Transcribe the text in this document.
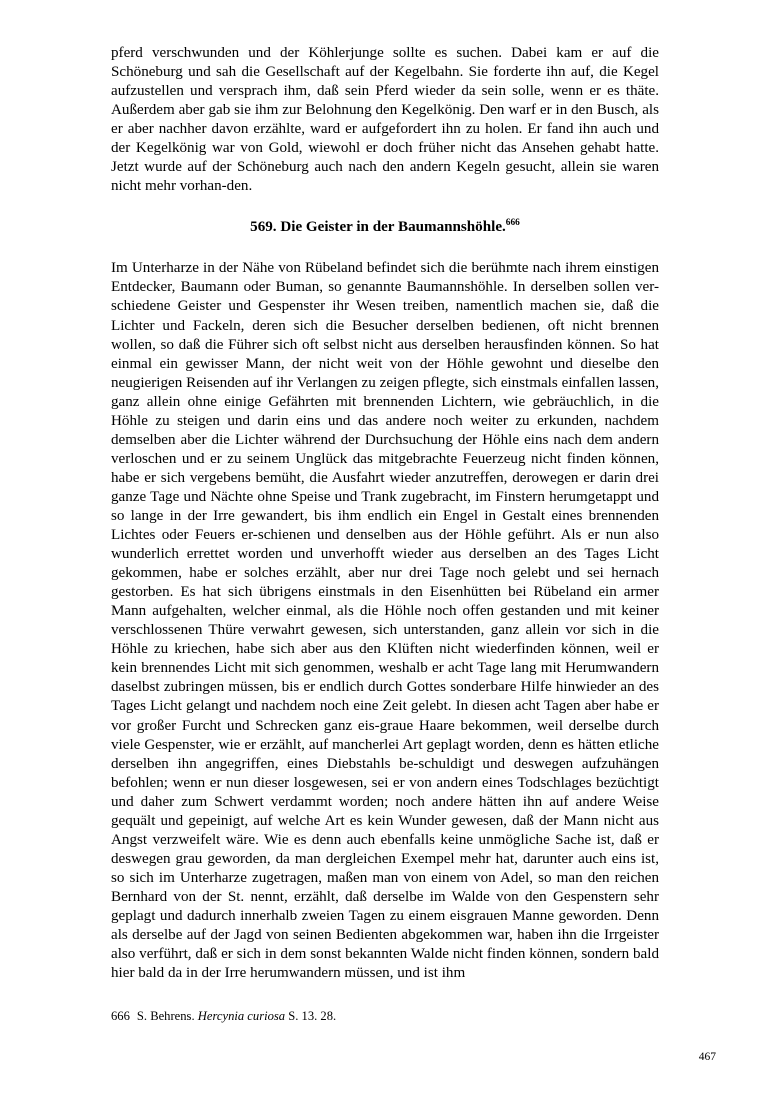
pferd verschwunden und der Köhlerjunge sollte es suchen. Dabei kam er auf die Schöneburg und sah die Gesellschaft auf der Kegelbahn. Sie forderte ihn auf, die Kegel aufzustellen und versprach ihm, daß sein Pferd wieder da sein solle, wenn er es thäte. Außerdem aber gab sie ihm zur Belohnung den Kegelkönig. Den warf er in den Busch, als er aber nachher davon erzählte, ward er aufgefordert ihn zu holen. Er fand ihn auch und der Kegelkönig war von Gold, wiewohl er doch früher nicht das Ansehen gehabt hatte. Jetzt wurde auf der Schöneburg auch nach den andern Kegeln gesucht, allein sie waren nicht mehr vorhan-den.

569. Die Geister in der Baumannshöhle.$^{666}$

Im Unterharze in der Nähe von Rübeland befindet sich die berühmte nach ihrem einstigen Entdecker, Baumann oder Buman, so genannte Baumannshöhle. In derselben sollen ver-schiedene Geister und Gespenster ihr Wesen treiben, namentlich machen sie, daß die Lichter und Fackeln, deren sich die Besucher derselben bedienen, oft nicht brennen wollen, so daß die Führer sich oft selbst nicht aus derselben herausfinden können. So hat einmal ein gewisser Mann, der nicht weit von der Höhle gewohnt und dieselbe den neugierigen Reisenden auf ihr Verlangen zu zeigen pflegte, sich einstmals einfallen lassen, ganz allein ohne einige Gefährten mit brennenden Lichtern, wie gebräuchlich, in die Höhle zu steigen und darin eins und das andere noch weiter zu erkunden, nachdem demselben aber die Lichter während der Durchsuchung der Höhle eins nach dem andern verloschen und er zu seinem Unglück das mitgebrachte Feuerzeug nicht finden können, habe er sich vergebens bemüht, die Ausfahrt wieder anzutreffen, derowegen er darin drei ganze Tage und Nächte ohne Speise und Trank zugebracht, im Finstern herumgetappt und so lange in der Irre gewandert, bis ihm endlich ein Engel in Gestalt eines brennenden Lichtes oder Feuers er-schienen und denselben aus der Höhle geführt. Als er nun also wunderlich errettet worden und unverhofft wieder aus derselben an des Tages Licht gekommen, habe er solches erzählt, aber nur drei Tage noch gelebt und sei hernach gestorben. Es hat sich übrigens einstmals in den Eisenhütten bei Rübeland ein armer Mann aufgehalten, welcher einmal, als die Höhle noch offen gestanden und mit keiner verschlossenen Thüre verwahrt gewesen, sich unterstanden, ganz allein vor sich in die Höhle zu kriechen, habe sich aber aus den Klüften nicht wiederfinden können, weil er kein brennendes Licht mit sich genommen, weshalb er acht Tage lang mit Herumwandern daselbst zubringen müssen, bis er endlich durch Gottes sonderbare Hilfe hinwieder an des Tages Licht gelangt und nachdem noch eine Zeit gelebt. In diesen acht Tagen aber habe er vor großer Furcht und Schrecken ganz eis-graue Haare bekommen, weil derselbe durch viele Gespenster, wie er erzählt, auf mancherlei Art geplagt worden, denn es hätten etliche derselben ihn angegriffen, eines Diebstahls be-schuldigt und deswegen aufzuhängen befohlen; wenn er nun dieser losgewesen, sei er von andern eines Todschlages bezüchtigt und daher zum Schwert verdammt worden; noch andere hätten ihn auf andere Weise gequält und gepeinigt, auf welche Art es kein Wunder gewesen, daß der Mann nicht aus Angst verzweifelt wäre. Wie es denn auch ebenfalls keine unmögliche Sache ist, daß er deswegen grau geworden, da man dergleichen Exempel mehr hat, darunter auch eins ist, so sich im Unterharze zugetragen, maßen man von einem von Adel, so man den reichen Bernhard von der St. nennt, erzählt, daß derselbe im Walde von den Gespenstern sehr geplagt und dadurch innerhalb zweien Tagen zu einem eisgrauen Manne geworden. Denn als derselbe auf der Jagd von seinen Bedienten abgekommen war, haben ihn die Irrgeister also verführt, daß er sich in dem sonst bekannten Walde nicht finden können, sondern bald hier bald da in der Irre herumwandern müssen, und ist ihm

666 S. Behrens. Hercynia curiosa S. 13. 28.

467
